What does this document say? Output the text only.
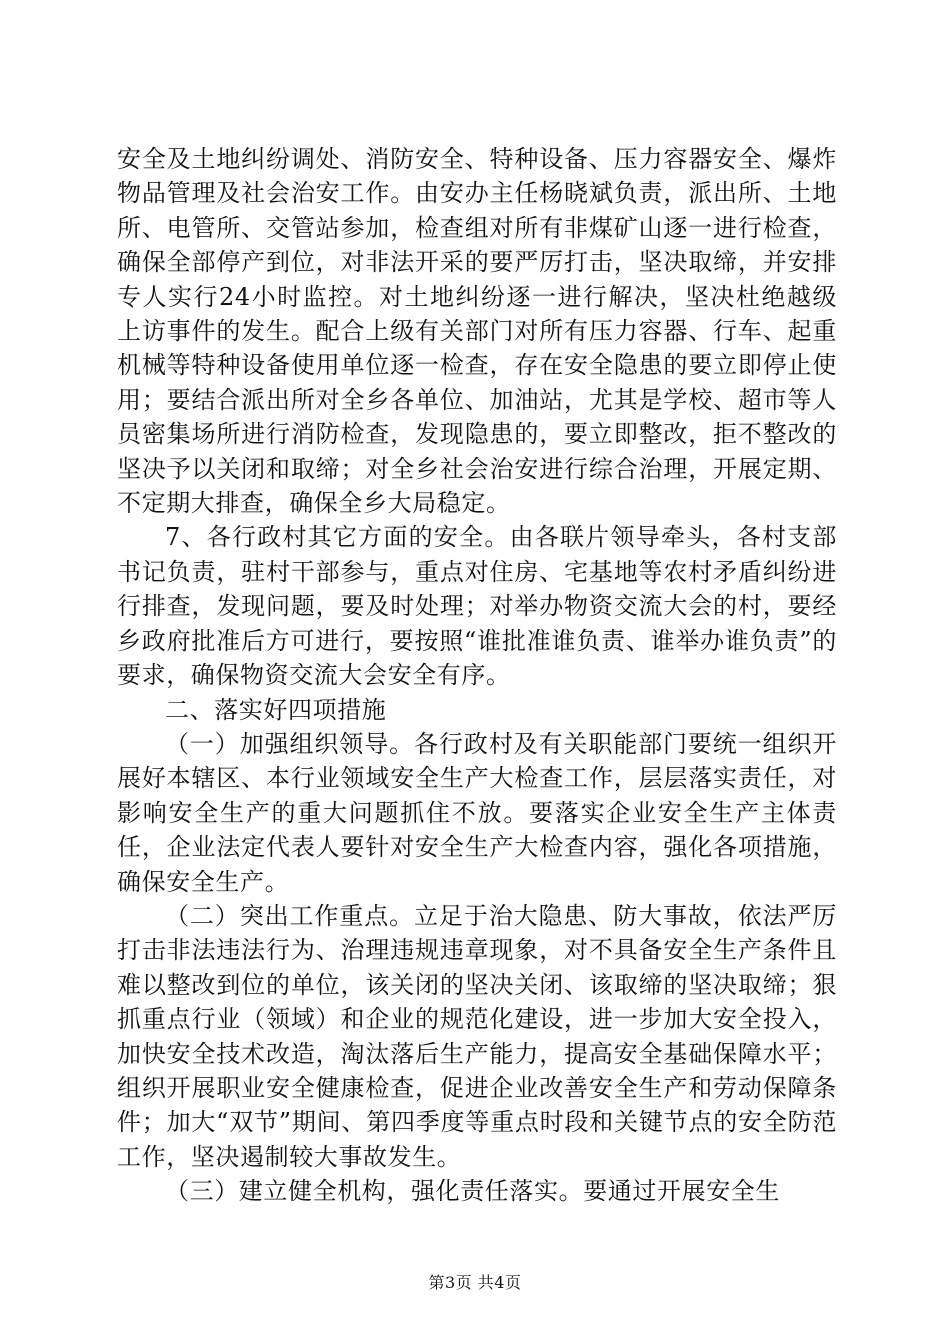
安全及土地纠纷调处、消防安全、特种设备、压力容器安全、爆炸物品管理及社会治安工作。由安办主任杨晓斌负责，派出所、土地所、电管所、交管站参加，检查组对所有非煤矿山逐一进行检查，确保全部停产到位，对非法开采的要严厉打击，坚决取缔，并安排专人实行24小时监控。对土地纠纷逐一进行解决，坚决杜绝越级上访事件的发生。配合上级有关部门对所有压力容器、行车、起重机械等特种设备使用单位逐一检查，存在安全隐患的要立即停止使用；要结合派出所对全乡各单位、加油站，尤其是学校、超市等人员密集场所进行消防检查，发现隐患的，要立即整改，拒不整改的坚决予以关闭和取缔；对全乡社会治安进行综合治理，开展定期、不定期大排查，确保全乡大局稳定。

7、各行政村其它方面的安全。由各联片领导牵头，各村支部书记负责，驻村干部参与，重点对住房、宅基地等农村矛盾纠纷进行排查，发现问题，要及时处理；对举办物资交流大会的村，要经乡政府批准后方可进行，要按照“谁批准谁负责、谁举办谁负责”的要求，确保物资交流大会安全有序。

二、落实好四项措施

（一）加强组织领导。各行政村及有关职能部门要统一组织开展好本辖区、本行业领域安全生产大检查工作，层层落实责任，对影响安全生产的重大问题抓住不放。要落实企业安全生产主体责任，企业法定代表人要针对安全生产大检查内容，强化各项措施，确保安全生产。

（二）突出工作重点。立足于治大隐患、防大事故，依法严厉打击非法违法行为、治理违规违章现象，对不具备安全生产条件且难以整改到位的单位，该关闭的坚决关闭、该取缔的坚决取缔；狠抓重点行业（领域）和企业的规范化建设，进一步加大安全投入，加快安全技术改造，淘汰落后生产能力，提高安全基础保障水平；组织开展职业安全健康检查，促进企业改善安全生产和劳动保障条件；加大“双节”期间、第四季度等重点时段和关键节点的安全防范工作，坚决遏制较大事故发生。

（三）建立健全机构，强化责任落实。要通过开展安全生

第3页 共4页
